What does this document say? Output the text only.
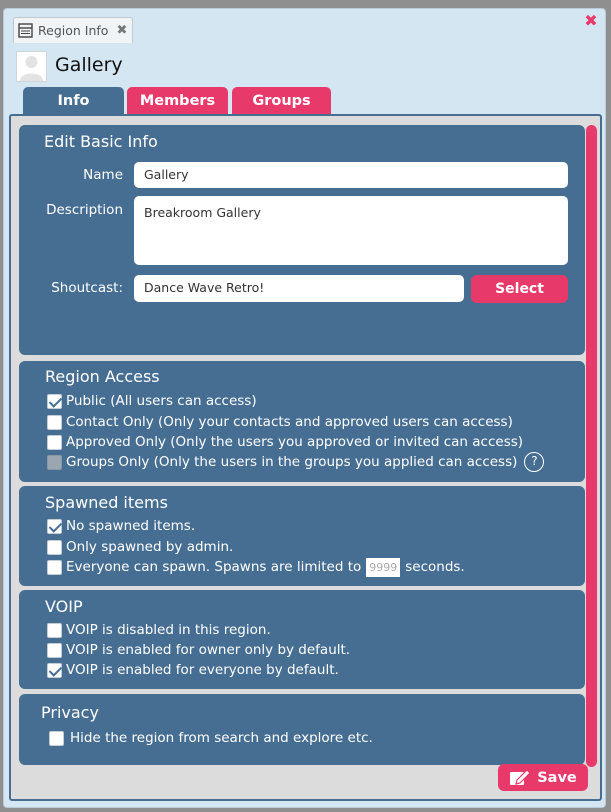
✖
Region Info ✖
Gallery
Info	Members	Groups
Edit Basic Info
Name	Gallery
Description	Breakroom Gallery
Shoutcast:	Dance Wave Retro!	Select
Region Access
Public (All users can access)
Contact Only (Only your contacts and approved users can access)
Approved Only (Only the users you approved or invited can access)
Groups Only (Only the users in the groups you applied can access)	?
Spawned items
No spawned items.
Only spawned by admin.
Everyone can spawn. Spawns are limited to 9999 seconds.
VOIP
VOIP is disabled in this region.
VOIP is enabled for owner only by default.
VOIP is enabled for everyone by default.
Privacy
Hide the region from search and explore etc.
Save
